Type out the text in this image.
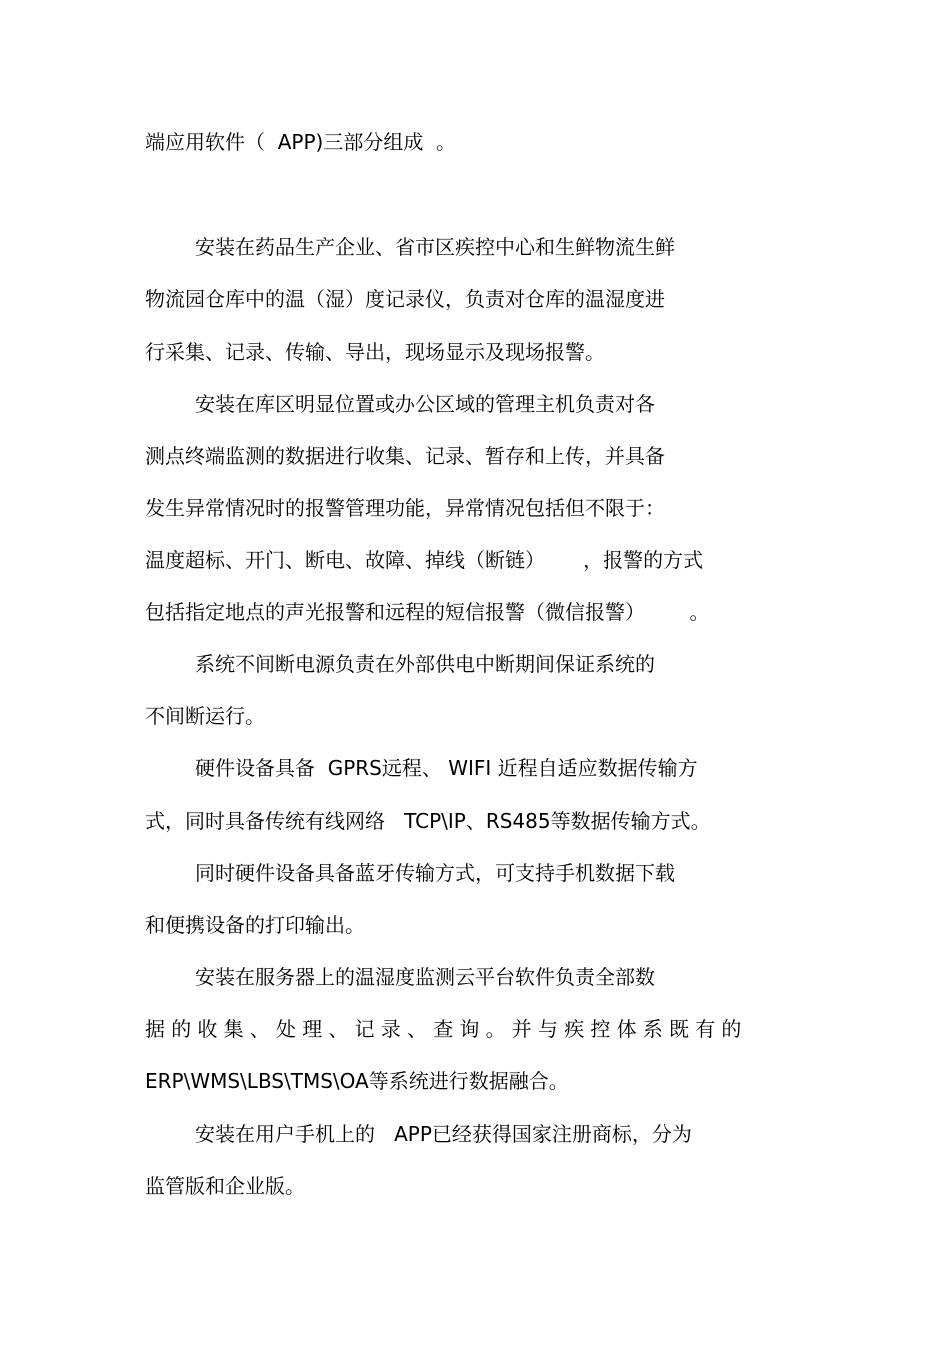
端应用软件（  APP)三部分组成  。
安装在药品生产企业、省市区疾控中心和生鲜物流生鲜
物流园仓库中的温（湿）度记录仪，负责对仓库的温湿度进
行采集、记录、传输、导出，现场显示及现场报警。
安装在库区明显位置或办公区域的管理主机负责对各
测点终端监测的数据进行收集、记录、暂存和上传，并具备
发生异常情况时的报警管理功能，异常情况包括但不限于：
温度超标、开门、断电、故障、掉线（断链）      ，报警的方式
包括指定地点的声光报警和远程的短信报警（微信报警）       。
系统不间断电源负责在外部供电中断期间保证系统的
不间断运行。
硬件设备具备  GPRS远程、 WIFI 近程自适应数据传输方
式，同时具备传统有线网络   TCP\IP、RS485等数据传输方式。
同时硬件设备具备蓝牙传输方式，可支持手机数据下载
和便携设备的打印输出。
安装在服务器上的温湿度监测云平台软件负责全部数
据的收集、处理、记录、查询。并与疾控体系既有的
ERP\WMS\LBS\TMS\OA等系统进行数据融合。
安装在用户手机上的   APP已经获得国家注册商标，分为
监管版和企业版。
